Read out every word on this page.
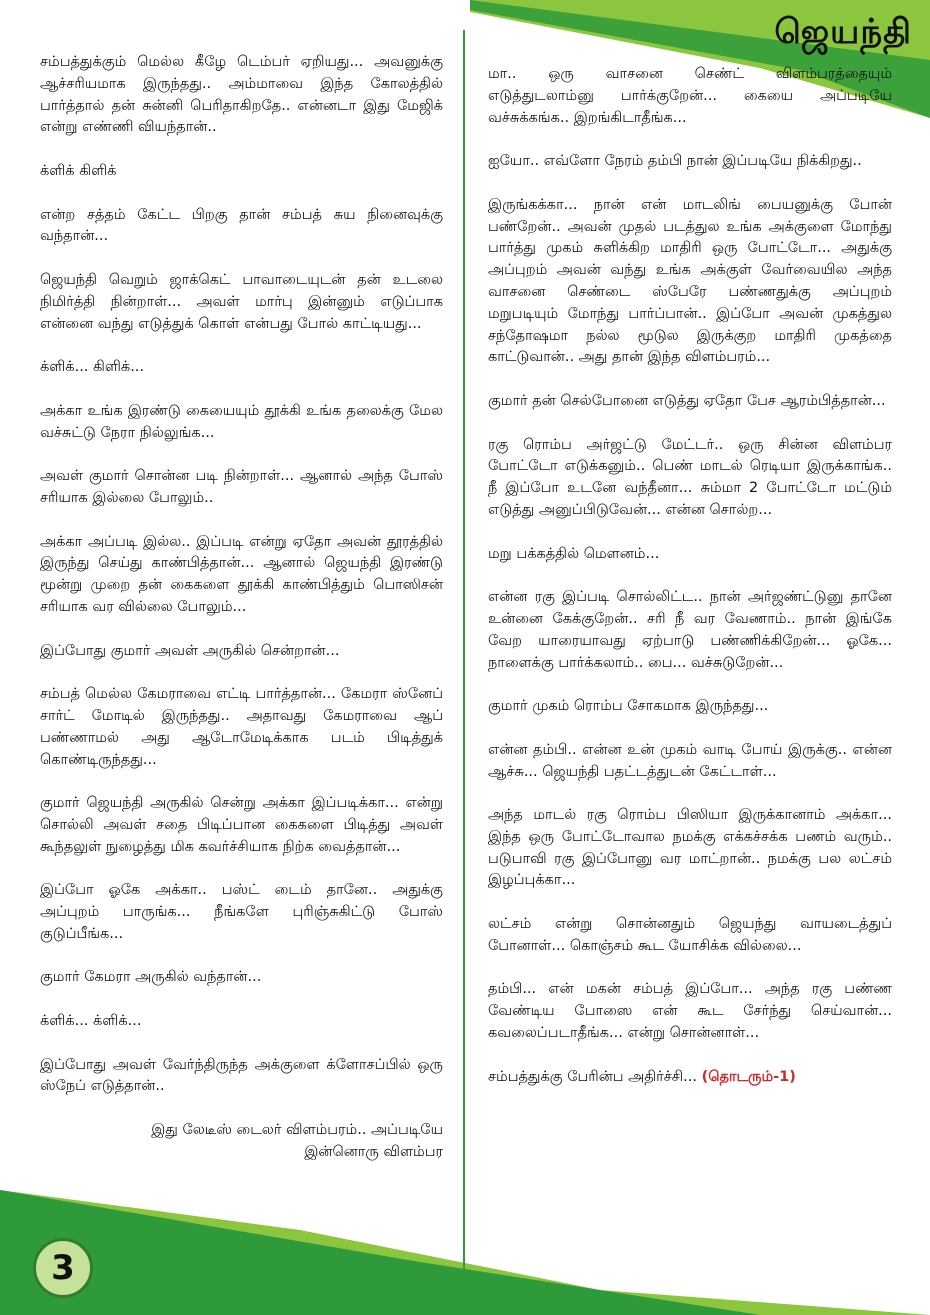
ஜெயந்தி

சம்பத்துக்கும் மெல்ல கீழே டெம்பர் ஏறியது... அவனுக்கு ஆச்சரியமாக இருந்தது.. அம்மாவை இந்த கோலத்தில் பார்த்தால் தன் சுன்னி பெரிதாகிறதே.. என்னடா இது மேஜிக் என்று எண்ணி வியந்தான்..

க்ளிக் கிளிக்

என்ற சத்தம் கேட்ட பிறகு தான் சம்பத் சுய நினைவுக்கு வந்தான்...

ஜெயந்தி வெறும் ஜாக்கெட் பாவாடையுடன் தன் உடலை நிமிர்த்தி நின்றாள்... அவள் மார்பு இன்னும் எடுப்பாக என்னை வந்து எடுத்துக் கொள் என்பது போல் காட்டியது...

க்ளிக்... கிளிக்...

அக்கா உங்க இரண்டு கையையும் தூக்கி உங்க தலைக்கு மேல வச்சுட்டு நேரா நில்லுங்க...

அவள் குமார் சொன்ன படி நின்றாள்... ஆனால் அந்த போஸ் சரியாக இல்லை போலும்..

அக்கா அப்படி இல்ல.. இப்படி என்று ஏதோ அவன் தூரத்தில் இருந்து செய்து காண்பித்தான்... ஆனால் ஜெயந்தி இரண்டு மூன்று முறை தன் கைகளை தூக்கி காண்பித்தும் பொஸிசன் சரியாக வர வில்லை போலும்...

இப்போது குமார் அவள் அருகில் சென்றான்...

சம்பத் மெல்ல கேமராவை எட்டி பார்த்தான்... கேமரா ஸ்னேப் சார்ட் மோடில் இருந்தது.. அதாவது கேமராவை ஆப் பண்ணாமல் அது ஆடோமேடிக்காக படம் பிடித்துக் கொண்டிருந்தது...

குமார் ஜெயந்தி அருகில் சென்று அக்கா இப்படிக்கா... என்று சொல்லி அவள் சதை பிடிப்பான கைகளை பிடித்து அவள் கூந்தலுள் நுழைத்து மிக கவர்ச்சியாக நிற்க வைத்தான்...

இப்போ ஓகே அக்கா.. பஸ்ட் டைம் தானே.. அதுக்கு அப்புறம் பாருங்க... நீங்களே புரிஞ்சுகிட்டு போஸ் குடுப்பீங்க...

குமார் கேமரா அருகில் வந்தான்...

க்ளிக்... க்ளிக்...

இப்போது அவள் வேர்ந்திருந்த அக்குளை க்ளோசப்பில் ஒரு ஸ்நேப் எடுத்தான்..

இது லேடீஸ் டைலர் விளம்பரம்.. அப்படியே இன்னொரு விளம்பர

மா.. ஒரு வாசனை செண்ட் விளம்பரத்தையும் எடுத்துடலாம்னு பார்க்குறேன்... கையை அப்படியே வச்சுக்கங்க.. இறங்கிடாதீங்க...

ஐயோ.. எவ்ளோ நேரம் தம்பி நான் இப்படியே நிக்கிறது..

இருங்கக்கா... நான் என் மாடலிங் பையனுக்கு போன் பண்றேன்.. அவன் முதல் படத்துல உங்க அக்குளை மோந்து பார்த்து முகம் சுளிக்கிற மாதிரி ஒரு போட்டோ... அதுக்கு அப்புறம் அவன் வந்து உங்க அக்குள் வேர்வையில அந்த வாசனை செண்டை ஸ்பேரே பண்ணதுக்கு அப்புறம் மறுபடியும் மோந்து பார்ப்பான்.. இப்போ அவன் முகத்துல சந்தோஷமா நல்ல மூடுல இருக்குற மாதிரி முகத்தை காட்டுவான்.. அது தான் இந்த விளம்பரம்...

குமார் தன் செல்போனை எடுத்து ஏதோ பேச ஆரம்பித்தான்...

ரகு ரொம்ப அர்ஜட்டு மேட்டர்.. ஒரு சின்ன விளம்பர போட்டோ எடுக்கனும்.. பெண் மாடல் ரெடியா இருக்காங்க.. நீ இப்போ உடனே வந்தீனா... சும்மா 2 போட்டோ மட்டும் எடுத்து அனுப்பிடுவேன்... என்ன சொல்ற...

மறு பக்கத்தில் மெளனம்...

என்ன ரகு இப்படி சொல்லிட்ட.. நான் அர்ஜண்ட்டுனு தானே உன்னை கேக்குறேன்.. சரி நீ வர வேணாம்.. நான் இங்கே வேற யாரையாவது ஏற்பாடு பண்ணிக்கிறேன்... ஓகே... நாளைக்கு பார்க்கலாம்.. பை... வச்சுடுறேன்...

குமார் முகம் ரொம்ப சோகமாக இருந்தது...

என்ன தம்பி.. என்ன உன் முகம் வாடி போய் இருக்கு.. என்ன ஆச்சு... ஜெயந்தி பதட்டத்துடன் கேட்டாள்...

அந்த மாடல் ரகு ரொம்ப பிஸியா இருக்கானாம் அக்கா... இந்த ஒரு போட்டோவால நமக்கு எக்கச்சக்க பணம் வரும்.. படுபாவி ரகு இப்போனு வர மாட்றான்.. நமக்கு பல லட்சம் இழப்புக்கா...

லட்சம் என்று சொன்னதும் ஜெயந்து வாயடைத்துப் போனாள்... கொஞ்சம் கூட யோசிக்க வில்லை...

தம்பி... என் மகன் சம்பத் இப்போ... அந்த ரகு பண்ண வேண்டிய போஸை என் கூட சேர்ந்து செய்வான்... கவலைப்படாதீங்க... என்று சொன்னாள்...

சம்பத்துக்கு பேரின்ப அதிர்ச்சி... (தொடரும்-1)

3
